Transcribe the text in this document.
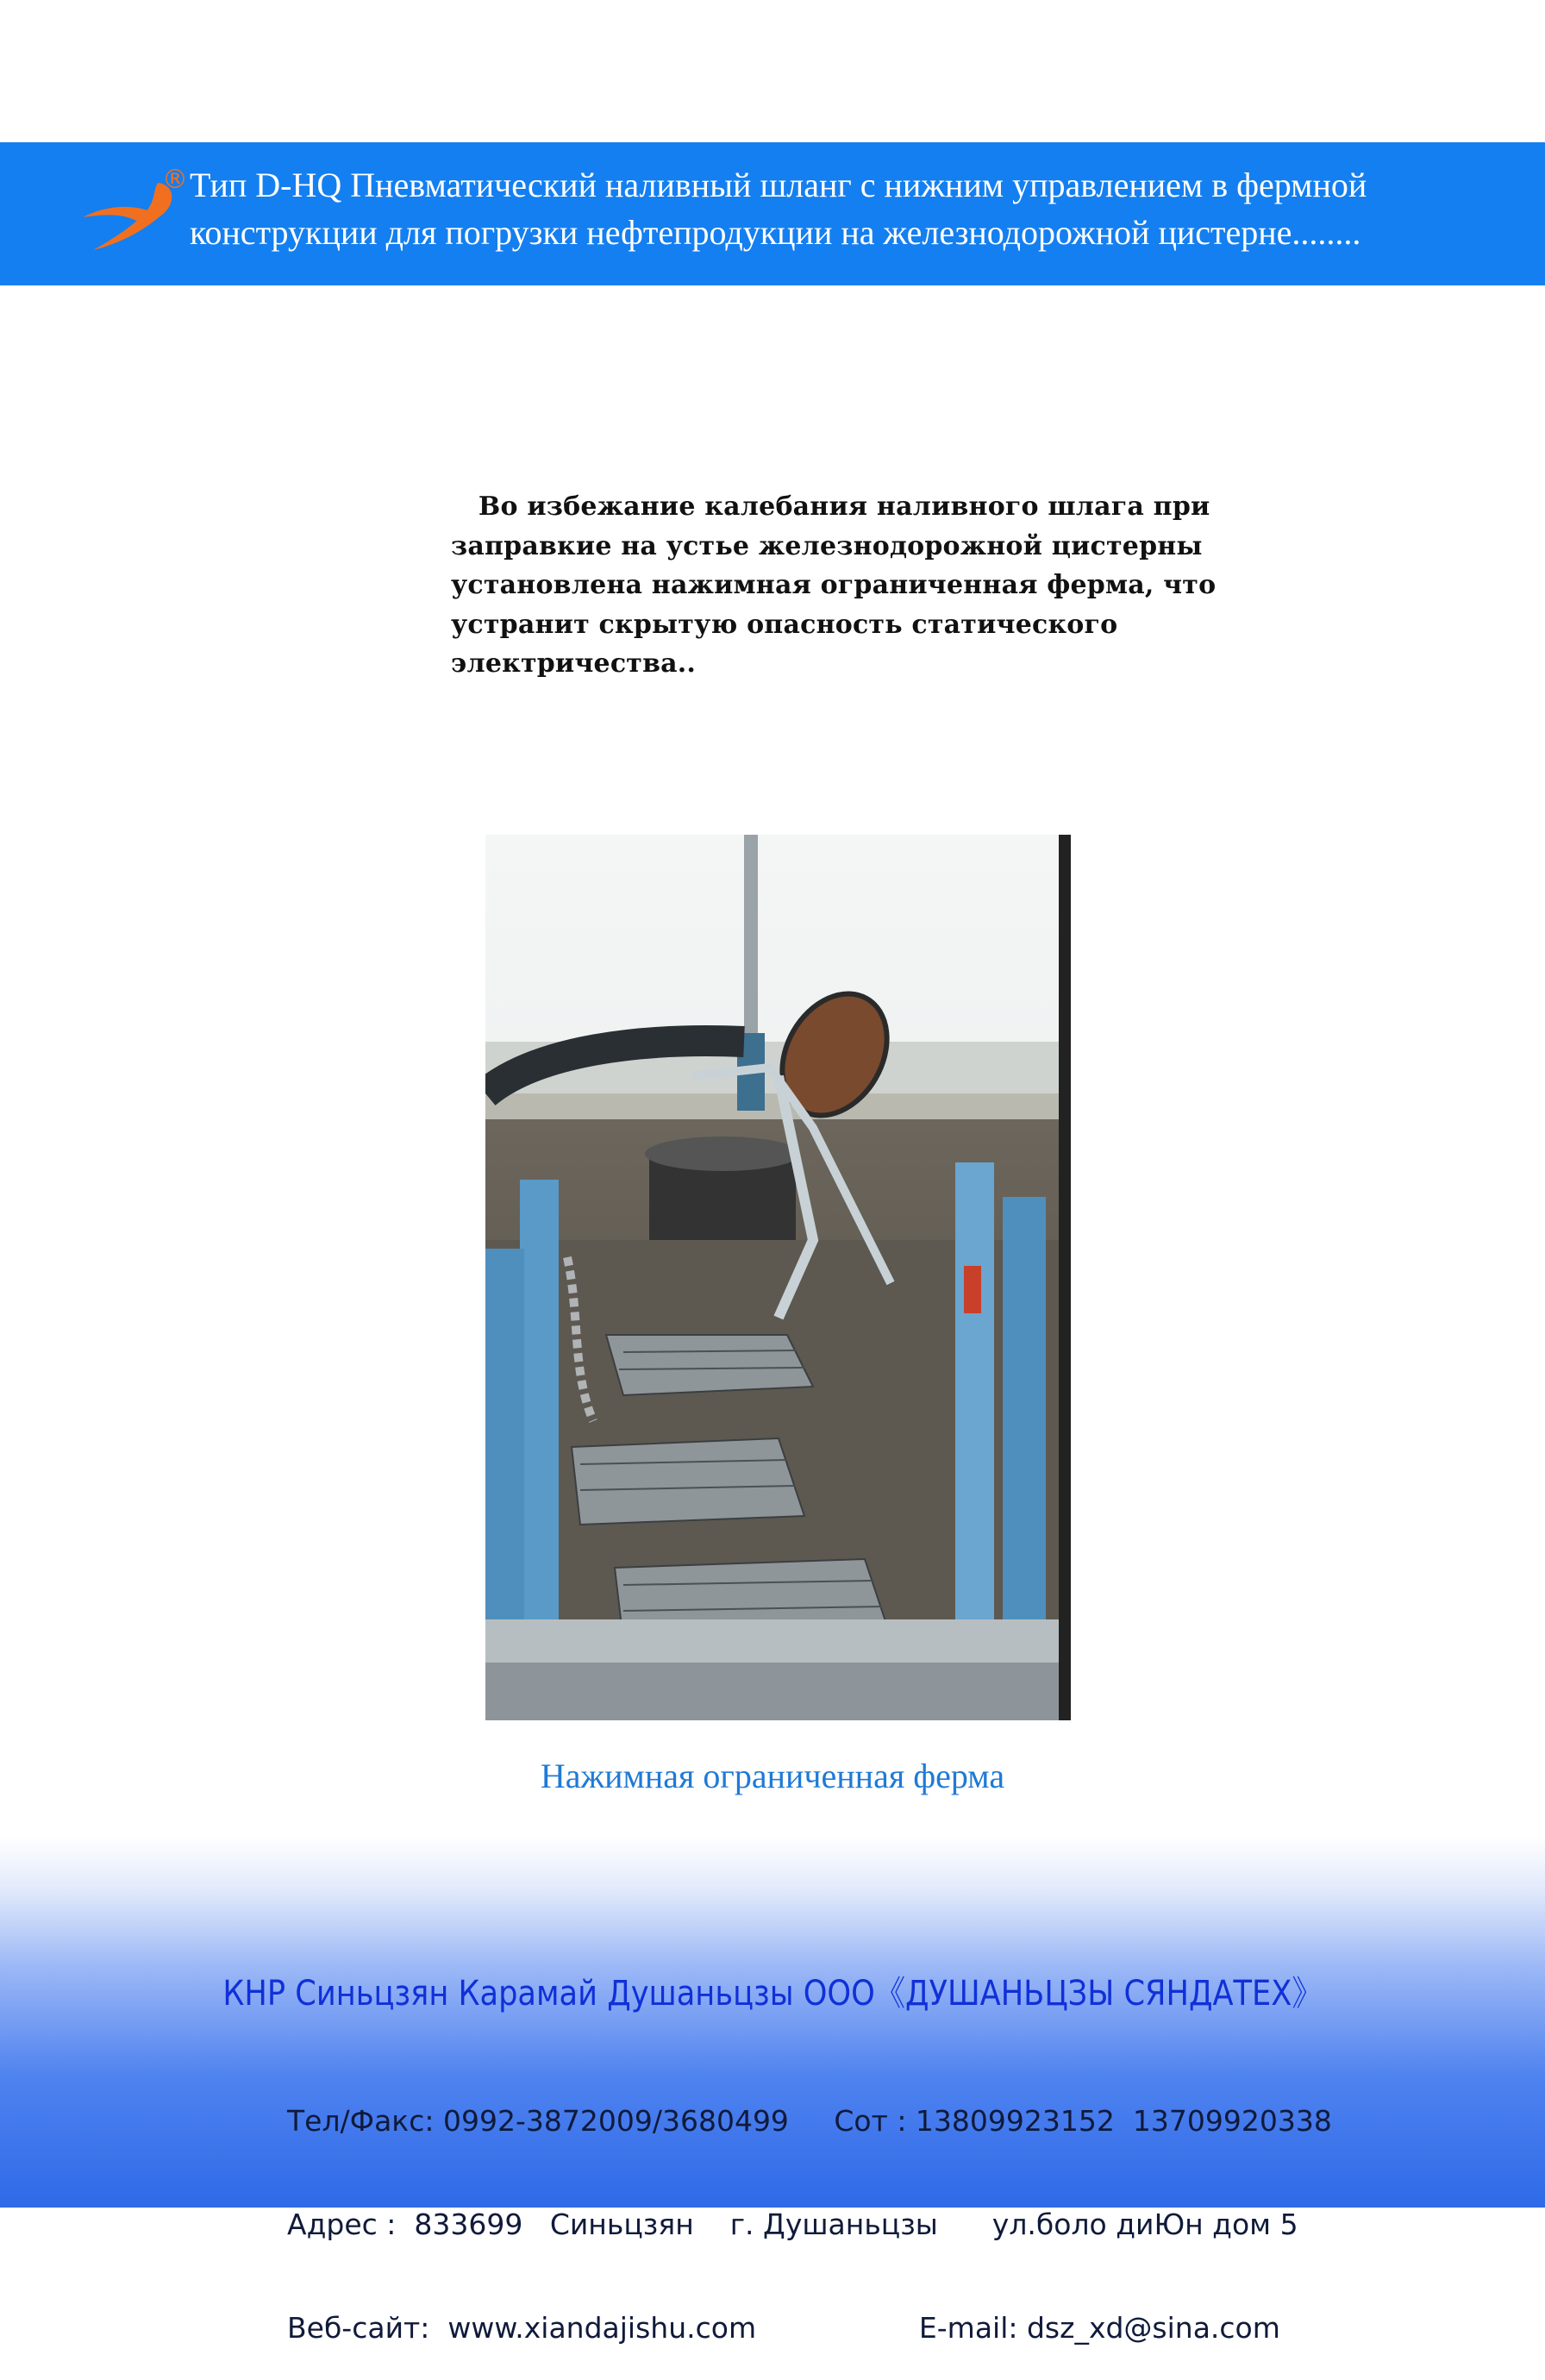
® Тип D-HQ Пневматический наливный шланг с нижним управлением в фермной
конструкции для погрузки нефтепродукции на железнодорожной цистерне........
Во избежание калебания наливного шлага при
заправкие на устье железнодорожной цистерны
установлена нажимная ограниченная ферма, что
устранит скрытую опасность статического
электричества..
Нажимная ограниченная ферма
КНР Синьцзян Карамай Душаньцзы ООО《ДУШАНЬЦЗЫ СЯНДАТЕХ》

Тел/Факс: 0992-3872009/3680499     Сот : 13809923152  13709920338

Адрес :  833699   Синьцзян    г. Душаньцзы      ул.боло диЮн дом 5

Веб-сайт:  www.xiandajishu.com                  E-mail: dsz_xd@sina.com
